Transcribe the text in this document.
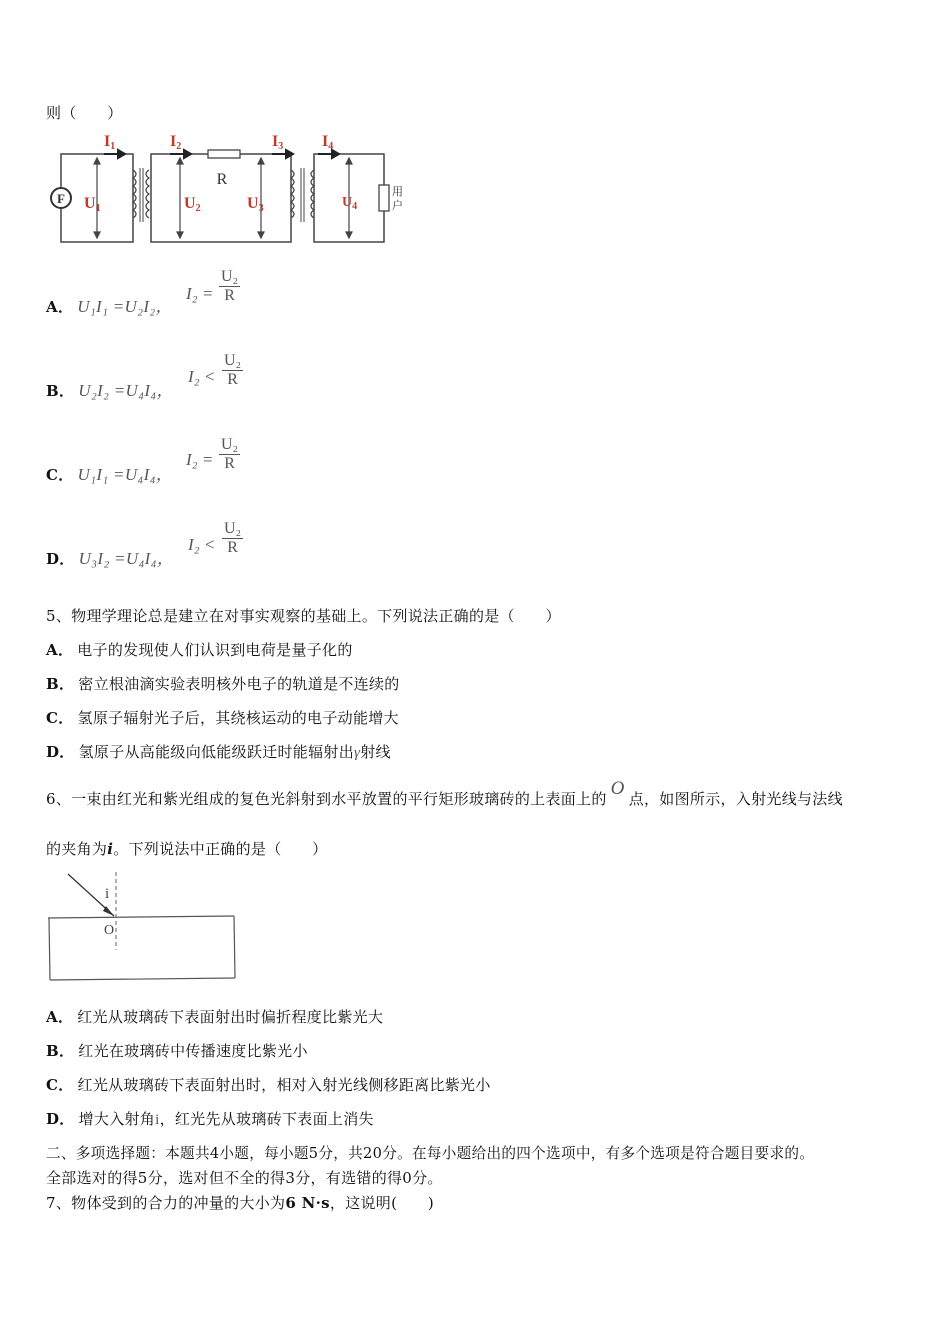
则（　　）
F
R
用
户
I1	I2	I3 I4
U1	U2	U3	$U_4$
A． U₁I₁ =U₂I₂，
$I_2 = \frac{\text{U₂}}{R}$
B． U₂I₂ =U₄I₄，
$I_2 < \frac{\text{U₂}}{R}$
C． U₁I₁ =U₄I₄，
$I_2 = \frac{\text{U₂}}{R}$
D． U₃I₂ =U₄I₄，
$I_2 < \frac{\text{U₂}}{R}$
5、物理学理论总是建立在对事实观察的基础上。下列说法正确的是（　　）
A． 电子的发现使人们认识到电荷是量子化的
B． 密立根油滴实验表明核外电子的轨道是不连续的
C． 氢原子辐射光子后，其绕核运动的电子动能增大
D． 氢原子从高能级向低能级跃迁时能辐射出γ射线
6、一束由红光和紫光组成的复色光斜射到水平放置的平行矩形玻璃砖的上表面上的 O 点，如图所示，入射光线与法线
的夹角为i。下列说法中正确的是（　　）
i
O
A． 红光从玻璃砖下表面射出时偏折程度比紫光大
B． 红光在玻璃砖中传播速度比紫光小
C． 红光从玻璃砖下表面射出时，相对入射光线侧移距离比紫光小
D． 增大入射角i，红光先从玻璃砖下表面上消失
二、多项选择题：本题共4小题，每小题5分，共20分。在每小题给出的四个选项中，有多个选项是符合题目要求的。
全部选对的得5分，选对但不全的得3分，有选错的得0分。
7、物体受到的合力的冲量的大小为6 N·s，这说明(　　)
